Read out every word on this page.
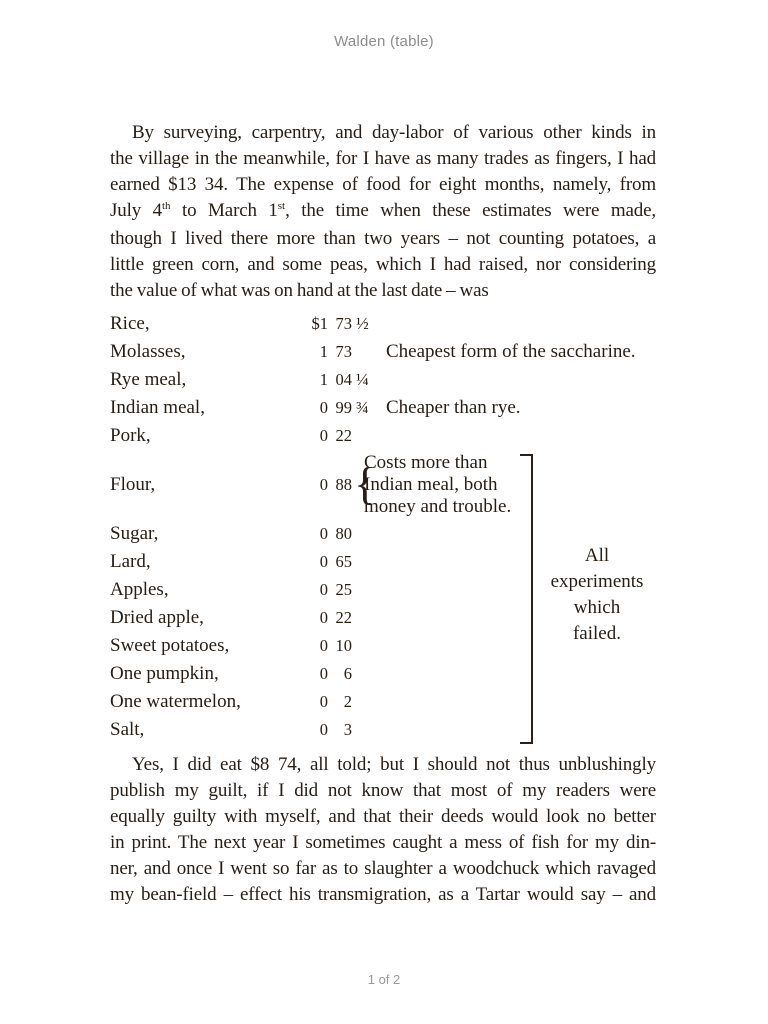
Walden (table)
By surveying, carpentry, and day-labor of various other kinds in
the village in the meanwhile, for I have as many trades as fingers, I had
earned $13 34. The expense of food for eight months, namely, from
July 4th to March 1st, the time when these estimates were made,
though I lived there more than two years – not counting potatoes, a
little green corn, and some peas, which I had raised, nor considering
the value of what was on hand at the last date – was
Rice,	$1 73 ½
Molasses,	1 73	Cheapest form of the saccharine.
Rye meal,	1 04 ¼
Indian meal,	0 99 ¾ Cheaper than rye.
Pork,	0 22
Flour,	0 88 {
Costs more than
Indian meal, both
money and trouble.
Sugar,	0 80
Lard,	0 65
Apples,	0 25
Dried apple,	0 22
Sweet potatoes,	0 10
One pumpkin,	0 6
One watermelon,	0 2
Salt,	0 3
All
experiments
which
failed.
Yes, I did eat $8 74, all told; but I should not thus unblushingly
publish my guilt, if I did not know that most of my readers were
equally guilty with myself, and that their deeds would look no better
in print. The next year I sometimes caught a mess of fish for my din-
ner, and once I went so far as to slaughter a woodchuck which ravaged
my bean-field – effect his transmigration, as a Tartar would say – and
1 of 2
